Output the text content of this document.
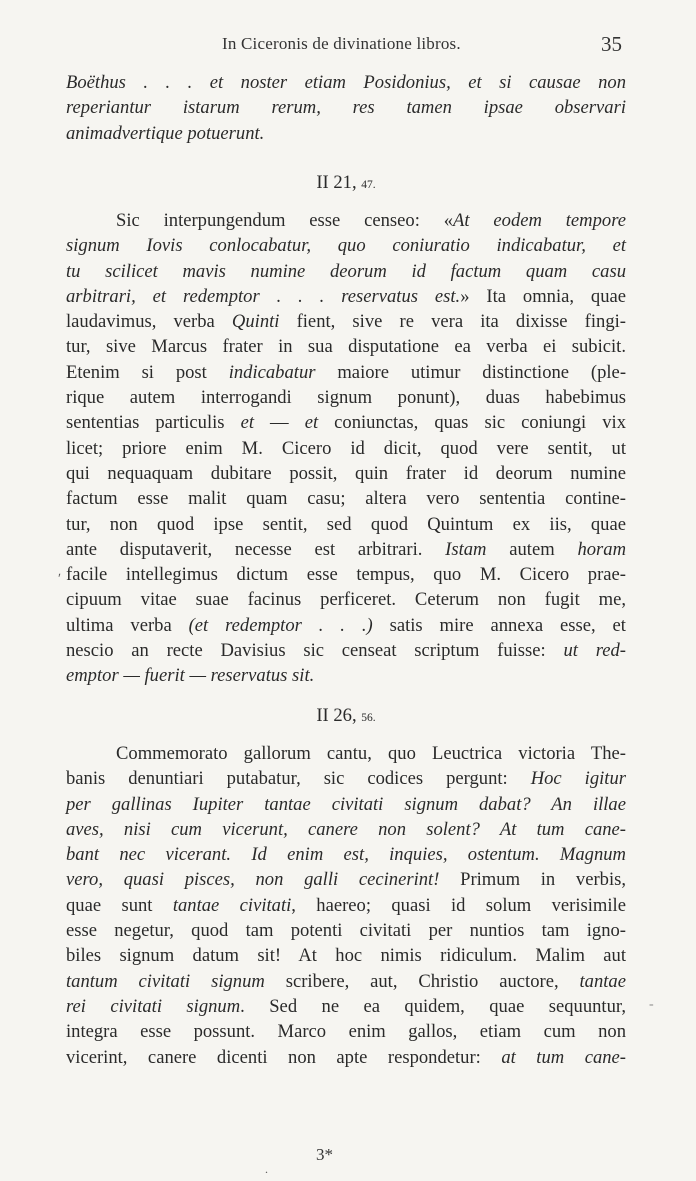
In Ciceronis de divinatione libros.	35
Boëthus . . . et noster etiam Posidonius, et si causae non
reperiantur istarum rerum, res tamen ipsae observari
animadvertique potuerunt.
II 21, 47.
Sic interpungendum esse censeo: «At eodem tempore
signum Iovis conlocabatur, quo coniuratio indicabatur, et
tu scilicet mavis numine deorum id factum quam casu
arbitrari, et redemptor . . . reservatus est.» Ita omnia, quae
laudavimus, verba Quinti fient, sive re vera ita dixisse fingi-
tur, sive Marcus frater in sua disputatione ea verba ei subicit.
Etenim si post indicabatur maiore utimur distinctione (ple-
rique autem interrogandi signum ponunt), duas habebimus
sententias particulis et — et coniunctas, quas sic coniungi vix
licet; priore enim M. Cicero id dicit, quod vere sentit, ut
qui nequaquam dubitare possit, quin frater id deorum numine
factum esse malit quam casu; altera vero sententia contine-
tur, non quod ipse sentit, sed quod Quintum ex iis, quae
ante disputaverit, necesse est arbitrari. Istam autem horam
facile intellegimus dictum esse tempus, quo M. Cicero prae-
cipuum vitae suae facinus perficeret. Ceterum non fugit me,
ultima verba (et redemptor . . .) satis mire annexa esse, et
nescio an recte Davisius sic censeat scriptum fuisse: ut red-
emptor — fuerit — reservatus sit.
II 26, 56.
Commemorato gallorum cantu, quo Leuctrica victoria The-
banis denuntiari putabatur, sic codices pergunt: Hoc igitur
per gallinas Iupiter tantae civitati signum dabat? An illae
aves, nisi cum vicerunt, canere non solent? At tum cane-
bant nec vicerant. Id enim est, inquies, ostentum. Magnum
vero, quasi pisces, non galli cecinerint! Primum in verbis,
quae sunt tantae civitati, haereo; quasi id solum verisimile
esse negetur, quod tam potenti civitati per nuntios tam igno-
biles signum datum sit! At hoc nimis ridiculum. Malim aut
tantum civitati signum scribere, aut, Christio auctore, tantae
rei civitati signum. Sed ne ea quidem, quae sequuntur,
integra esse possunt. Marco enim gallos, etiam cum non
vicerint, canere dicenti non apte respondetur: at tum cane-
ʹ
-
.
3*
